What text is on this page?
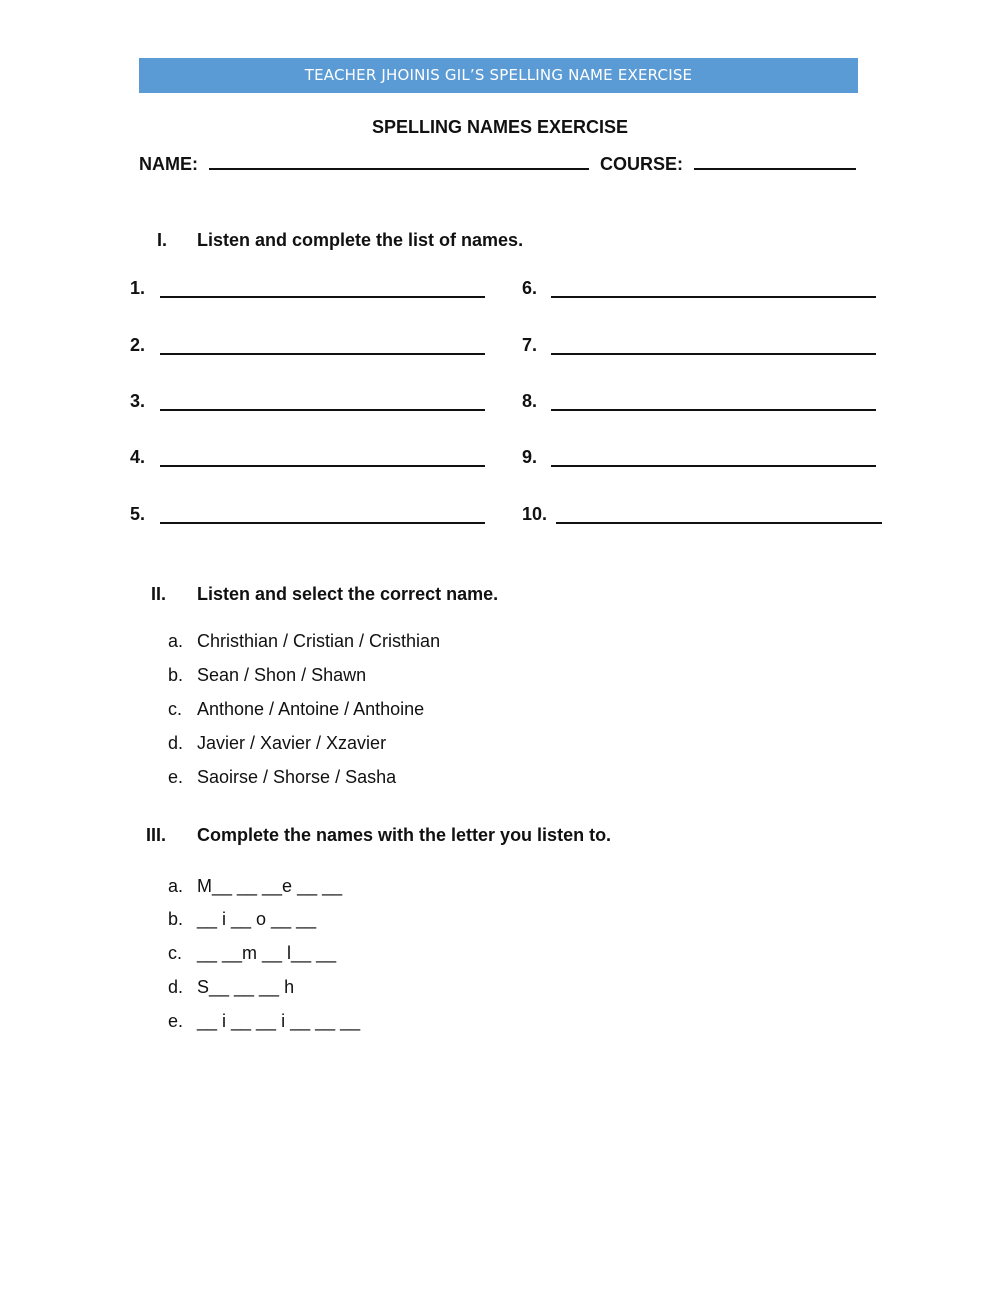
TEACHER JHOINIS GIL’S SPELLING NAME EXERCISE
SPELLING NAMES EXERCISE
NAME:	COURSE:
I. Listen and complete the list of names.
1.
2.
3.
4.
5.
6.
7.
8.
9.
10.
II. Listen and select the correct name.
a. Christhian / Cristian / Cristhian
b. Sean / Shon / Shawn
c. Anthone / Antoine / Anthoine
d. Javier / Xavier / Xzavier
e. Saoirse / Shorse / Sasha
III. Complete the names with the letter you listen to.
a. M__ __ __e __ __
b. __ i __ o __ __
c. __ __m __ l__ __
d. S__ __ __ h
e. __ i __ __ i __ __ __
